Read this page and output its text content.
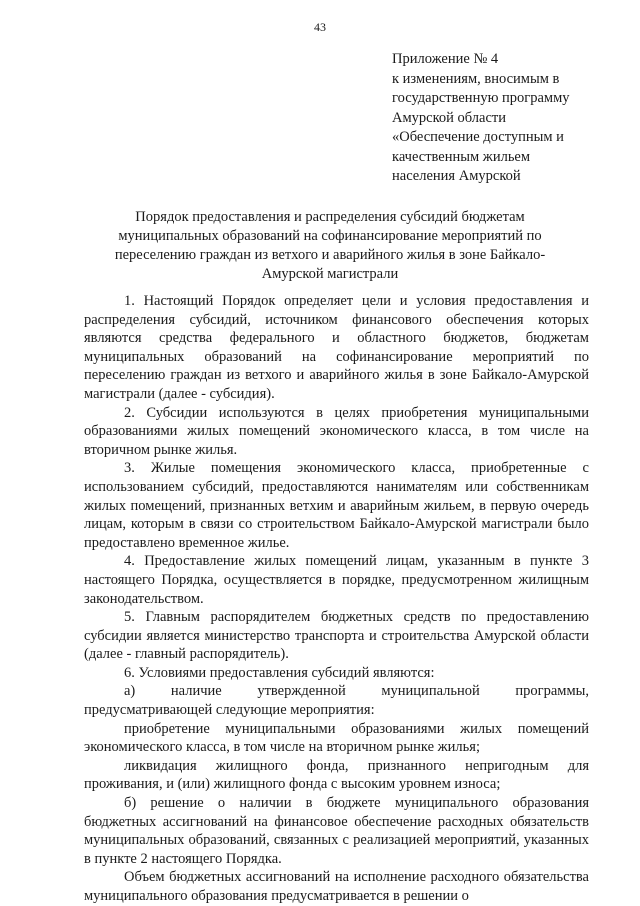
43
Приложение № 4
к изменениям, вносимым в
государственную программу
Амурской области
«Обеспечение доступным и
качественным жильем
населения Амурской
Порядок предоставления и распределения субсидий бюджетам муниципальных образований на софинансирование мероприятий по переселению граждан из ветхого и аварийного жилья в зоне Байкало-Амурской магистрали

1. Настоящий Порядок определяет цели и условия предоставления и распределения субсидий, источником финансового обеспечения которых являются средства федерального и областного бюджетов, бюджетам муниципальных образований на софинансирование мероприятий по переселению граждан из ветхого и аварийного жилья в зоне Байкало-Амурской магистрали (далее - субсидия).

2. Субсидии используются в целях приобретения муниципальными образованиями жилых помещений экономического класса, в том числе на вторичном рынке жилья.

3. Жилые помещения экономического класса, приобретенные с использованием субсидий, предоставляются нанимателям или собственникам жилых помещений, признанных ветхим и аварийным жильем, в первую очередь лицам, которым в связи со строительством Байкало-Амурской магистрали было предоставлено временное жилье.

4. Предоставление жилых помещений лицам, указанным в пункте 3 настоящего Порядка, осуществляется в порядке, предусмотренном жилищным законодательством.

5. Главным распорядителем бюджетных средств по предоставлению субсидии является министерство транспорта и строительства Амурской области (далее - главный распорядитель).

6. Условиями предоставления субсидий являются:

а) наличие утвержденной муниципальной программы, предусматривающей следующие мероприятия:

приобретение муниципальными образованиями жилых помещений экономического класса, в том числе на вторичном рынке жилья;

ликвидация жилищного фонда, признанного непригодным для проживания, и (или) жилищного фонда с высоким уровнем износа;

б) решение о наличии в бюджете муниципального образования бюджетных ассигнований на финансовое обеспечение расходных обязательств муниципальных образований, связанных с реализацией мероприятий, указанных в пункте 2 настоящего Порядка.

Объем бюджетных ассигнований на исполнение расходного обязательства муниципального образования предусматривается в решении о
